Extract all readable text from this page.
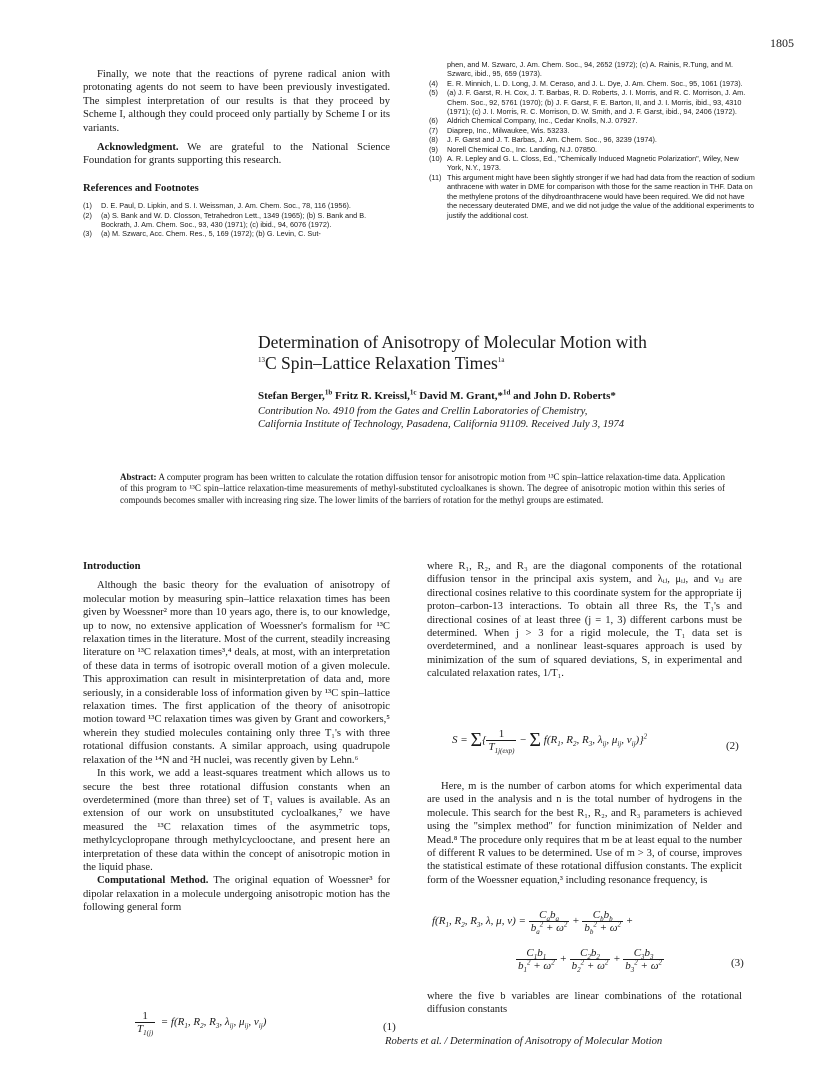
1805

Finally, we note that the reactions of pyrene radical anion with protonating agents do not seem to have been previously investigated. The simplest interpretation of our results is that they proceed by Scheme I, although they could proceed only partially by Scheme I or its variants.

Acknowledgment. We are grateful to the National Science Foundation for grants supporting this research.

References and Footnotes

(1) D. E. Paul, D. Lipkin, and S. I. Weissman, J. Am. Chem. Soc., 78, 116 (1956).
(2) (a) S. Bank and W. D. Closson, Tetrahedron Lett., 1349 (1965); (b) S. Bank and B. Bockrath, J. Am. Chem. Soc., 93, 430 (1971); (c) ibid., 94, 6076 (1972).
(3) (a) M. Szwarc, Acc. Chem. Res., 5, 169 (1972); (b) G. Levin, C. Sut-
phen, and M. Szwarc, J. Am. Chem. Soc., 94, 2652 (1972); (c) A. Rainis, R.Tung, and M. Szwarc, ibid., 95, 659 (1973).
(4) E. R. Minnich, L. D. Long, J. M. Ceraso, and J. L. Dye, J. Am. Chem. Soc., 95, 1061 (1973).
(5) (a) J. F. Garst, R. H. Cox, J. T. Barbas, R. D. Roberts, J. I. Morris, and R. C. Morrison, J. Am. Chem. Soc., 92, 5761 (1970); (b) J. F. Garst, F. E. Barton, II, and J. I. Morris, ibid., 93, 4310 (1971); (c) J. I. Morris, R. C. Morrison, D. W. Smith, and J. F. Garst, ibid., 94, 2406 (1972).
(6) Aldrich Chemical Company, Inc., Cedar Knolls, N.J. 07927.
(7) Diaprep, Inc., Milwaukee, Wis. 53233.
(8) J. F. Garst and J. T. Barbas, J. Am. Chem. Soc., 96, 3239 (1974).
(9) Norell Chemical Co., Inc. Landing, N.J. 07850.
(10) A. R. Lepley and G. L. Closs, Ed., "Chemically Induced Magnetic Polarization", Wiley, New York, N.Y., 1973.
(11) This argument might have been slightly stronger if we had had data from the reaction of sodium anthracene with water in DME for comparison with those for the same reaction in THF. Data on the methylene protons of the dihydroanthracene would have been required. We did not have the necessary deuterated DME, and we did not judge the value of the additional experiments to justify the additional cost.
Determination of Anisotropy of Molecular Motion with
$^{13}$C Spin–Lattice Relaxation Times$^{1a}$
Stefan Berger,$^{1b}$ Fritz R. Kreissl,$^{1c}$ David M. Grant,*$^{1d}$ and John D. Roberts*
Contribution No. 4910 from the Gates and Crellin Laboratories of Chemistry,
California Institute of Technology, Pasadena, California 91109. Received July 3, 1974
Abstract: A computer program has been written to calculate the rotation diffusion tensor for anisotropic motion from ¹³C spin–lattice relaxation-time data. Application of this program to ¹³C spin–lattice relaxation-time measurements of methyl-substituted cycloalkanes is shown. The degree of anisotropic motion within this series of compounds becomes smaller with increasing ring size. The lower limits of the barriers of rotation for the methyl groups are estimated.

Introduction

Although the basic theory for the evaluation of anisotropy of molecular motion by measuring spin–lattice relaxation times has been given by Woessner² more than 10 years ago, there is, to our knowledge, up to now, no extensive application of Woessner's formalism for ¹³C relaxation times in the literature. Most of the current, steadily increasing literature on ¹³C relaxation times³,⁴ deals, at most, with an interpretation of these data in terms of isotropic overall motion of a given molecule. This approximation can result in misinterpretation of data and, more seriously, in a considerable loss of information given by ¹³C spin–lattice relaxation times. The first application of the theory of anisotropic motion toward ¹³C relaxation times was given by Grant and coworkers,⁵ wherein they studied molecules containing only three T₁'s with three rotational diffusion constants. A similar approach, using quadrupole relaxation of the ¹⁴N and ²H nuclei, was recently given by Lehn.⁶

In this work, we add a least-squares treatment which allows us to secure the best three rotational diffusion constants when an overdetermined (more than three) set of T₁ values is available. As an extension of our work on unsubstituted cycloalkanes,⁷ we have measured the ¹³C relaxation times of the asymmetric tops, methylcyclopropane through methylcyclooctane, and present here an interpretation of these data within the concept of anisotropic motion in the liquid phase.

Computational Method. The original equation of Woessner³ for dipolar relaxation in a molecule undergoing anisotropic motion has the following general form

$\frac{1}{T_{1(j)}} = f(R_1$, $R_2$, $R_3$, $\lambda_{ij}$, $\mu_{ij}$, $\nu_{ij}$)	(1)

where R₁, R₂, and R₃ are the diagonal components of the rotational diffusion tensor in the principal axis system, and λᵢⱼ, μᵢⱼ, and νᵢⱼ are directional cosines relative to this coordinate system for the appropriate ij proton–carbon-13 interactions. To obtain all three Rs, the T₁'s and directional cosines of at least three (j = 1, 3) different carbons must be determined. When j > 3 for a rigid molecule, the T₁ data set is overdetermined, and a nonlinear least-squares approach is used by minimization of the sum of squared deviations, S, in experimental and calculated relaxation rates, 1/T₁.

$S = \Sigma\{ \frac{1}{T_{1j(exp)}} - \Sigma$ $f(R_1$, $R_2$, $R_3$, $\lambda_{ij}$, $\mu_{ij}$, $\nu_{ij})\}^2$
(2)

Here, m is the number of carbon atoms for which experimental data are used in the analysis and n is the total number of hydrogens in the molecule. This search for the best R₁, R₂, and R₃ parameters is achieved using the "simplex method" for function minimization of Nelder and Mead.⁸ The procedure only requires that m be at least equal to the number of different R values to be determined. Use of m > 3, of course, improves the statistical estimate of these rotational diffusion constants. The explicit form of the Woessner equation,³ including resonance frequency, is

$f(R_1$, $R_2$, $R_3$, λ, μ, $\nu) = \frac{C_ab_a}{b_a^2 + \omega^2} + \frac{C_bb_b}{b_b^2 + \omega^2}$ +
$\frac{C_1b_1}{b_1^2 + \omega^2} + \frac{C_2b_2}{b_2^2 + \omega^2} + \frac{C_3b_3}{b_3^2 + \omega^2}$	(3)

where the five b variables are linear combinations of the rotational diffusion constants

Roberts et al. / Determination of Anisotropy of Molecular Motion
